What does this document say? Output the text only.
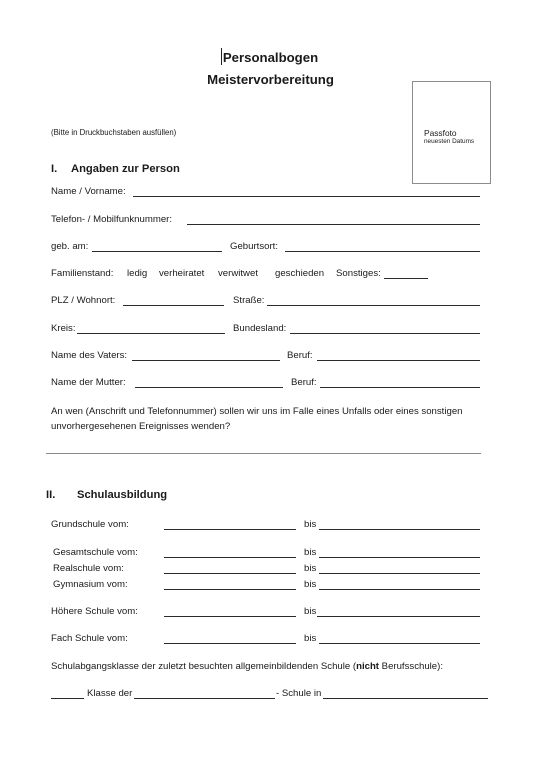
Personalbogen
Meistervorbereitung
Passfoto
neuesten Datums
(Bitte in Druckbuchstaben ausfüllen)
I. Angaben zur Person
Name / Vorname:
Telefon- / Mobilfunknummer:
geb. am:	Geburtsort:
Familienstand: ledig verheiratet verwitwet geschieden Sonstiges:
PLZ / Wohnort:	Straße:
Kreis:	Bundesland:
Name des Vaters:	Beruf:
Name der Mutter:	Beruf:
An wen (Anschrift und Telefonnummer) sollen wir uns im Falle eines Unfalls oder eines sonstigen
unvorhergesehenen Ereignisses wenden?
II. Schulausbildung
Grundschule vom:	bis
Gesamtschule vom:	bis
Realschule vom:	bis
Gymnasium vom:	bis
Höhere Schule vom:	bis
Fach Schule vom:	bis
Schulabgangsklasse der zuletzt besuchten allgemeinbildenden Schule (nicht Berufsschule):
Klasse der	- Schule in
